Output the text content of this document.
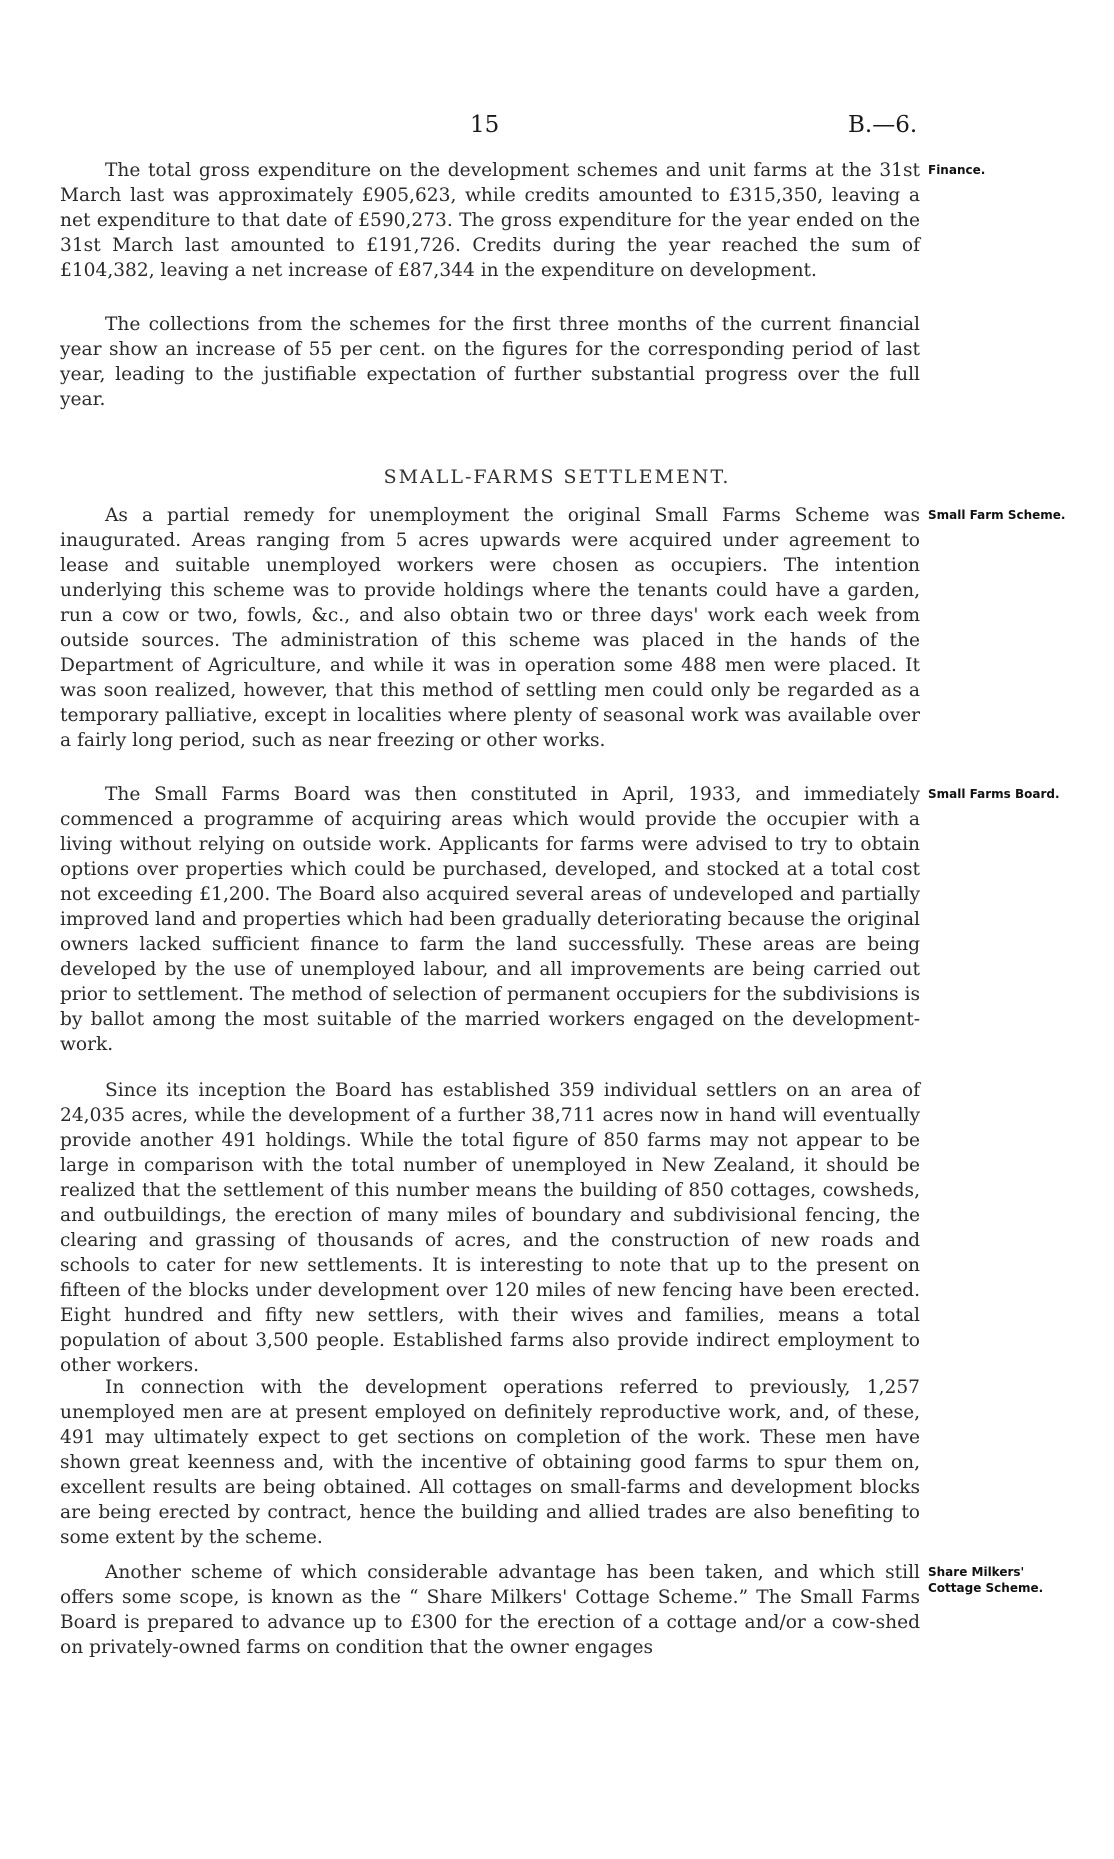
15	B.—6.

Finance.

The total gross expenditure on the development schemes and unit farms at the 31st March last was approximately £905,623, while credits amounted to £315,350, leaving a net expenditure to that date of £590,273. The gross expenditure for the year ended on the 31st March last amounted to £191,726. Credits during the year reached the sum of £104,382, leaving a net increase of £87,344 in the expenditure on development.

The collections from the schemes for the first three months of the current financial year show an increase of 55 per cent. on the figures for the corresponding period of last year, leading to the justifiable expectation of further substantial progress over the full year.

SMALL-FARMS SETTLEMENT.

Small Farm Scheme.

As a partial remedy for unemployment the original Small Farms Scheme was inaugurated. Areas ranging from 5 acres upwards were acquired under agreement to lease and suitable unemployed workers were chosen as occupiers. The intention underlying this scheme was to provide holdings where the tenants could have a garden, run a cow or two, fowls, &c., and also obtain two or three days' work each week from outside sources. The administration of this scheme was placed in the hands of the Department of Agriculture, and while it was in operation some 488 men were placed. It was soon realized, however, that this method of settling men could only be regarded as a temporary palliative, except in localities where plenty of seasonal work was available over a fairly long period, such as near freezing or other works.

Small Farms Board.

The Small Farms Board was then constituted in April, 1933, and immediately commenced a programme of acquiring areas which would provide the occupier with a living without relying on outside work. Applicants for farms were advised to try to obtain options over properties which could be purchased, developed, and stocked at a total cost not exceeding £1,200. The Board also acquired several areas of undeveloped and partially improved land and properties which had been gradually deteriorating because the original owners lacked sufficient finance to farm the land successfully. These areas are being developed by the use of unemployed labour, and all improvements are being carried out prior to settlement. The method of selection of permanent occupiers for the subdivisions is by ballot among the most suitable of the married workers engaged on the development-work.

Since its inception the Board has established 359 individual settlers on an area of 24,035 acres, while the development of a further 38,711 acres now in hand will eventually provide another 491 holdings. While the total figure of 850 farms may not appear to be large in comparison with the total number of unemployed in New Zealand, it should be realized that the settlement of this number means the building of 850 cottages, cowsheds, and outbuildings, the erection of many miles of boundary and subdivisional fencing, the clearing and grassing of thousands of acres, and the construction of new roads and schools to cater for new settlements. It is interesting to note that up to the present on fifteen of the blocks under development over 120 miles of new fencing have been erected. Eight hundred and fifty new settlers, with their wives and families, means a total population of about 3,500 people. Established farms also provide indirect employment to other workers.

In connection with the development operations referred to previously, 1,257 unemployed men are at present employed on definitely reproductive work, and, of these, 491 may ultimately expect to get sections on completion of the work. These men have shown great keenness and, with the incentive of obtaining good farms to spur them on, excellent results are being obtained. All cottages on small-farms and development blocks are being erected by contract, hence the building and allied trades are also benefiting to some extent by the scheme.

Share Milkers'
Cottage Scheme.

Another scheme of which considerable advantage has been taken, and which still offers some scope, is known as the “ Share Milkers' Cottage Scheme.” The Small Farms Board is prepared to advance up to £300 for the erection of a cottage and/or a cow-shed on privately-owned farms on condition that the owner engages
